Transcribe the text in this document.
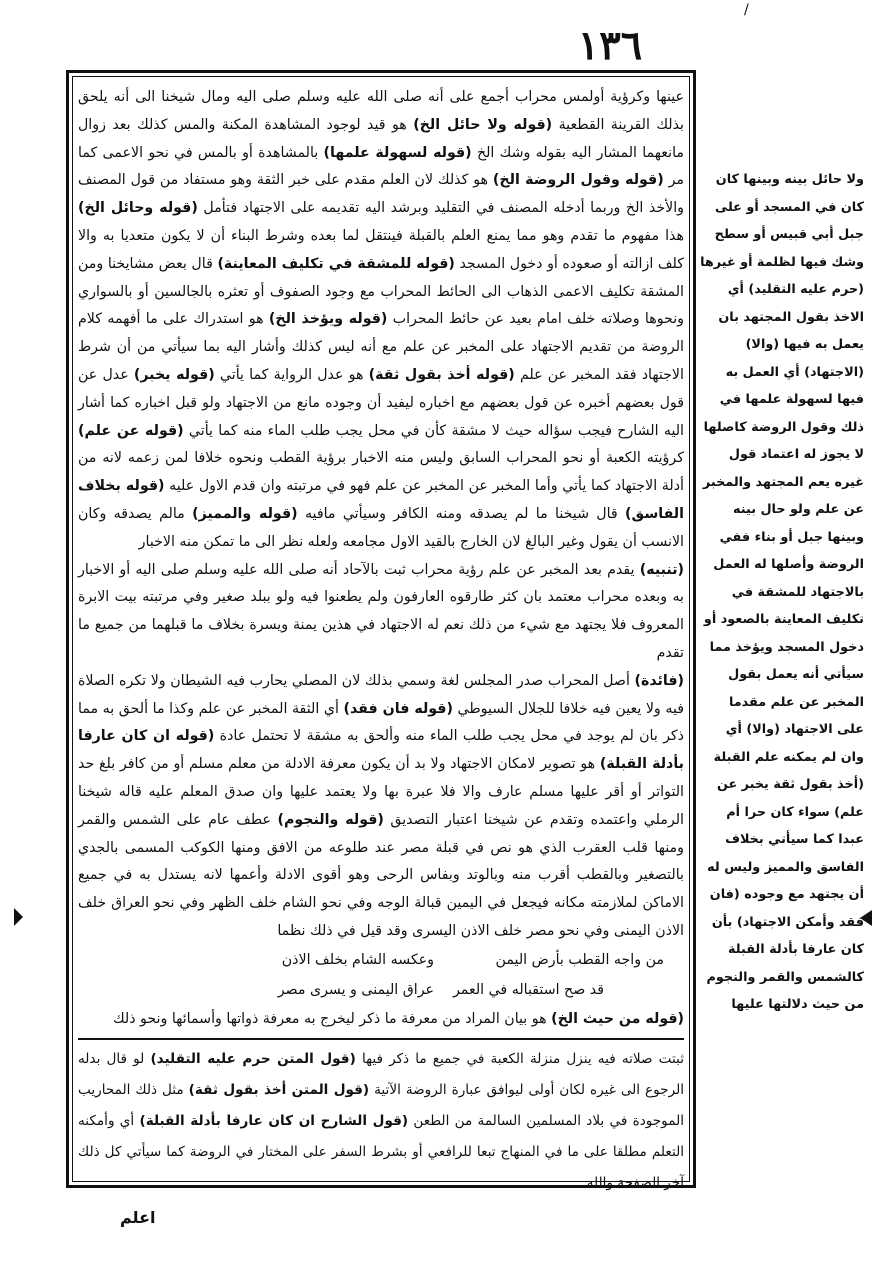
/
١٣٦

عينها وكرؤية أولمس محراب أجمع على أنه صلى الله عليه وسلم صلى اليه ومال شيخنا الى أنه يلحق بذلك القرينة القطعية (قوله ولا حائل الخ) هو قيد لوجود المشاهدة المكنة والمس كذلك بعد زوال مانعهما المشار اليه بقوله وشك الخ (قوله لسهولة علمها) بالمشاهدة أو بالمس في نحو الاعمى كما مر (قوله وقول الروضة الخ) هو كذلك لان العلم مقدم على خبر الثقة وهو مستفاد من قول المصنف والأخذ الخ وربما أدخله المصنف في التقليد وبرشد اليه تقديمه على الاجتهاد فتأمل (قوله وحائل الخ) هذا مفهوم ما تقدم وهو مما يمنع العلم بالقبلة فينتقل لما بعده وشرط البناء أن لا يكون متعديا به والا كلف ازالته أو صعوده أو دخول المسجد (قوله للمشقة في تكليف المعاينة) قال بعض مشايخنا ومن المشقة تكليف الاعمى الذهاب الى الحائط المحراب مع وجود الصفوف أو تعثره بالجالسين أو بالسواري ونحوها وصلاته خلف امام بعيد عن حائط المحراب (قوله ويؤخذ الخ) هو استدراك على ما أفهمه كلام الروضة من تقديم الاجتهاد على المخبر عن علم مع أنه ليس كذلك وأشار اليه بما سيأتي من أن شرط الاجتهاد فقد المخبر عن علم (قوله أخذ بقول ثقة) هو عدل الرواية كما يأتي (قوله يخبر) عدل عن قول بعضهم أخبره عن قول بعضهم مع اخباره ليفيد أن وجوده مانع من الاجتهاد ولو قبل اخباره كما أشار اليه الشارح فيجب سؤاله حيث لا مشقة كأن في محل يجب طلب الماء منه كما يأتي (قوله عن علم) كرؤيته الكعبة أو نحو المحراب السابق وليس منه الاخبار برؤية القطب ونحوه خلافا لمن زعمه لانه من أدلة الاجتهاد كما يأتي وأما المخبر عن المخبر عن علم فهو في مرتبته وان قدم الاول عليه (قوله بخلاف الفاسق) قال شيخنا ما لم يصدقه ومنه الكافر وسيأتي مافيه (قوله والمميز) مالم يصدقه وكان الانسب أن يقول وغير البالغ لان الخارج بالقيد الاول مجامعه ولعله نظر الى ما تمكن منه الاخبار

(تنبيه) يقدم بعد المخبر عن علم رؤية محراب ثبت بالآحاد أنه صلى الله عليه وسلم صلى اليه أو الاخبار به وبعده محراب معتمد بان كثر طارقوه العارفون ولم يطعنوا فيه ولو ببلد صغير وفي مرتبته بيت الابرة المعروف فلا يجتهد مع شيء من ذلك نعم له الاجتهاد في هذين يمنة ويسرة بخلاف ما قبلهما من جميع ما تقدم

(فائدة) أصل المحراب صدر المجلس لغة وسمي بذلك لان المصلي يحارب فيه الشيطان ولا تكره الصلاة فيه ولا يعين فيه خلافا للجلال السيوطي (قوله فان فقد) أي الثقة المخبر عن علم وكذا ما ألحق به مما ذكر بان لم يوجد في محل يجب طلب الماء منه وألحق به مشقة لا تحتمل عادة (قوله ان كان عارفا بأدلة القبلة) هو تصوير لامكان الاجتهاد ولا بد أن يكون معرفة الادلة من معلم مسلم أو من كافر بلغ حد التواتر أو أقر عليها مسلم عارف والا فلا عبرة بها ولا يعتمد عليها وان صدق المعلم عليه قاله شيخنا الرملي واعتمده وتقدم عن شيخنا اعتبار التصديق (قوله والنجوم) عطف عام على الشمس والقمر ومنها قلب العقرب الذي هو نص في قبلة مصر عند طلوعه من الافق ومنها الكوكب المسمى بالجدي بالتصغير وبالقطب أقرب منه وبالوتد وبفاس الرحى وهو أقوى الادلة وأعمها لانه يستدل به في جميع الاماكن لملازمته مكانه فيجعل في اليمين قبالة الوجه وفي نحو الشام خلف الظهر وفي نحو العراق خلف الاذن اليمنى وفي نحو مصر خلف الاذن اليسرى وقد قيل في ذلك نظما

من واجه القطب بأرض اليمن
وعكسه الشام بخلف الاذن
عراق اليمنى و يسرى مصر	قد صح استقباله في العمر

(قوله من حيث الخ) هو بيان المراد من معرفة ما ذكر ليخرج به معرفة ذواتها وأسمائها ونحو ذلك

ثبتت صلاته فيه ينزل منزلة الكعبة في جميع ما ذكر فيها (قول المتن حرم عليه التقليد) لو قال بدله الرجوع الى غيره لكان أولى ليوافق عبارة الروضة الآتية (قول المتن أخذ بقول ثقة) مثل ذلك المحاريب الموجودة في بلاد المسلمين السالمة من الطعن (قول الشارح ان كان عارفا بأدلة القبلة) أي وأمكنه التعلم مطلقا على ما في المنهاج تبعا للرافعي أو بشرط السفر على المختار في الروضة كما سيأتي كل ذلك آخر الصفحة والله

اعلم

ولا حائل بينه وبينها كان كان في المسجد أو على جبل أبي قبيس أو سطح وشك فيها لظلمة أو غيرها (حرم عليه التقليد) أي الاخذ بقول المجتهد بان يعمل به فيها (والا) (الاجتهاد) أي العمل به فيها لسهولة علمها في ذلك وقول الروضة كاصلها لا يجوز له اعتماد قول غيره يعم المجتهد والمخبر عن علم ولو حال بينه وبينها جبل أو بناء ففي الروضة وأصلها له العمل بالاجتهاد للمشقة في تكليف المعاينة بالصعود أو دخول المسجد ويؤخذ مما سيأتي أنه يعمل بقول المخبر عن علم مقدما على الاجتهاد (والا) أي وان لم يمكنه علم القبلة (أخذ بقول ثقة يخبر عن علم) سواء كان حرا أم عبدا كما سيأتي بخلاف الفاسق والمميز وليس له أن يجتهد مع وجوده (فان فقد وأمكن الاجتهاد) بأن كان عارفا بأدلة القبلة كالشمس والقمر والنجوم من حيث دلالتها عليها
